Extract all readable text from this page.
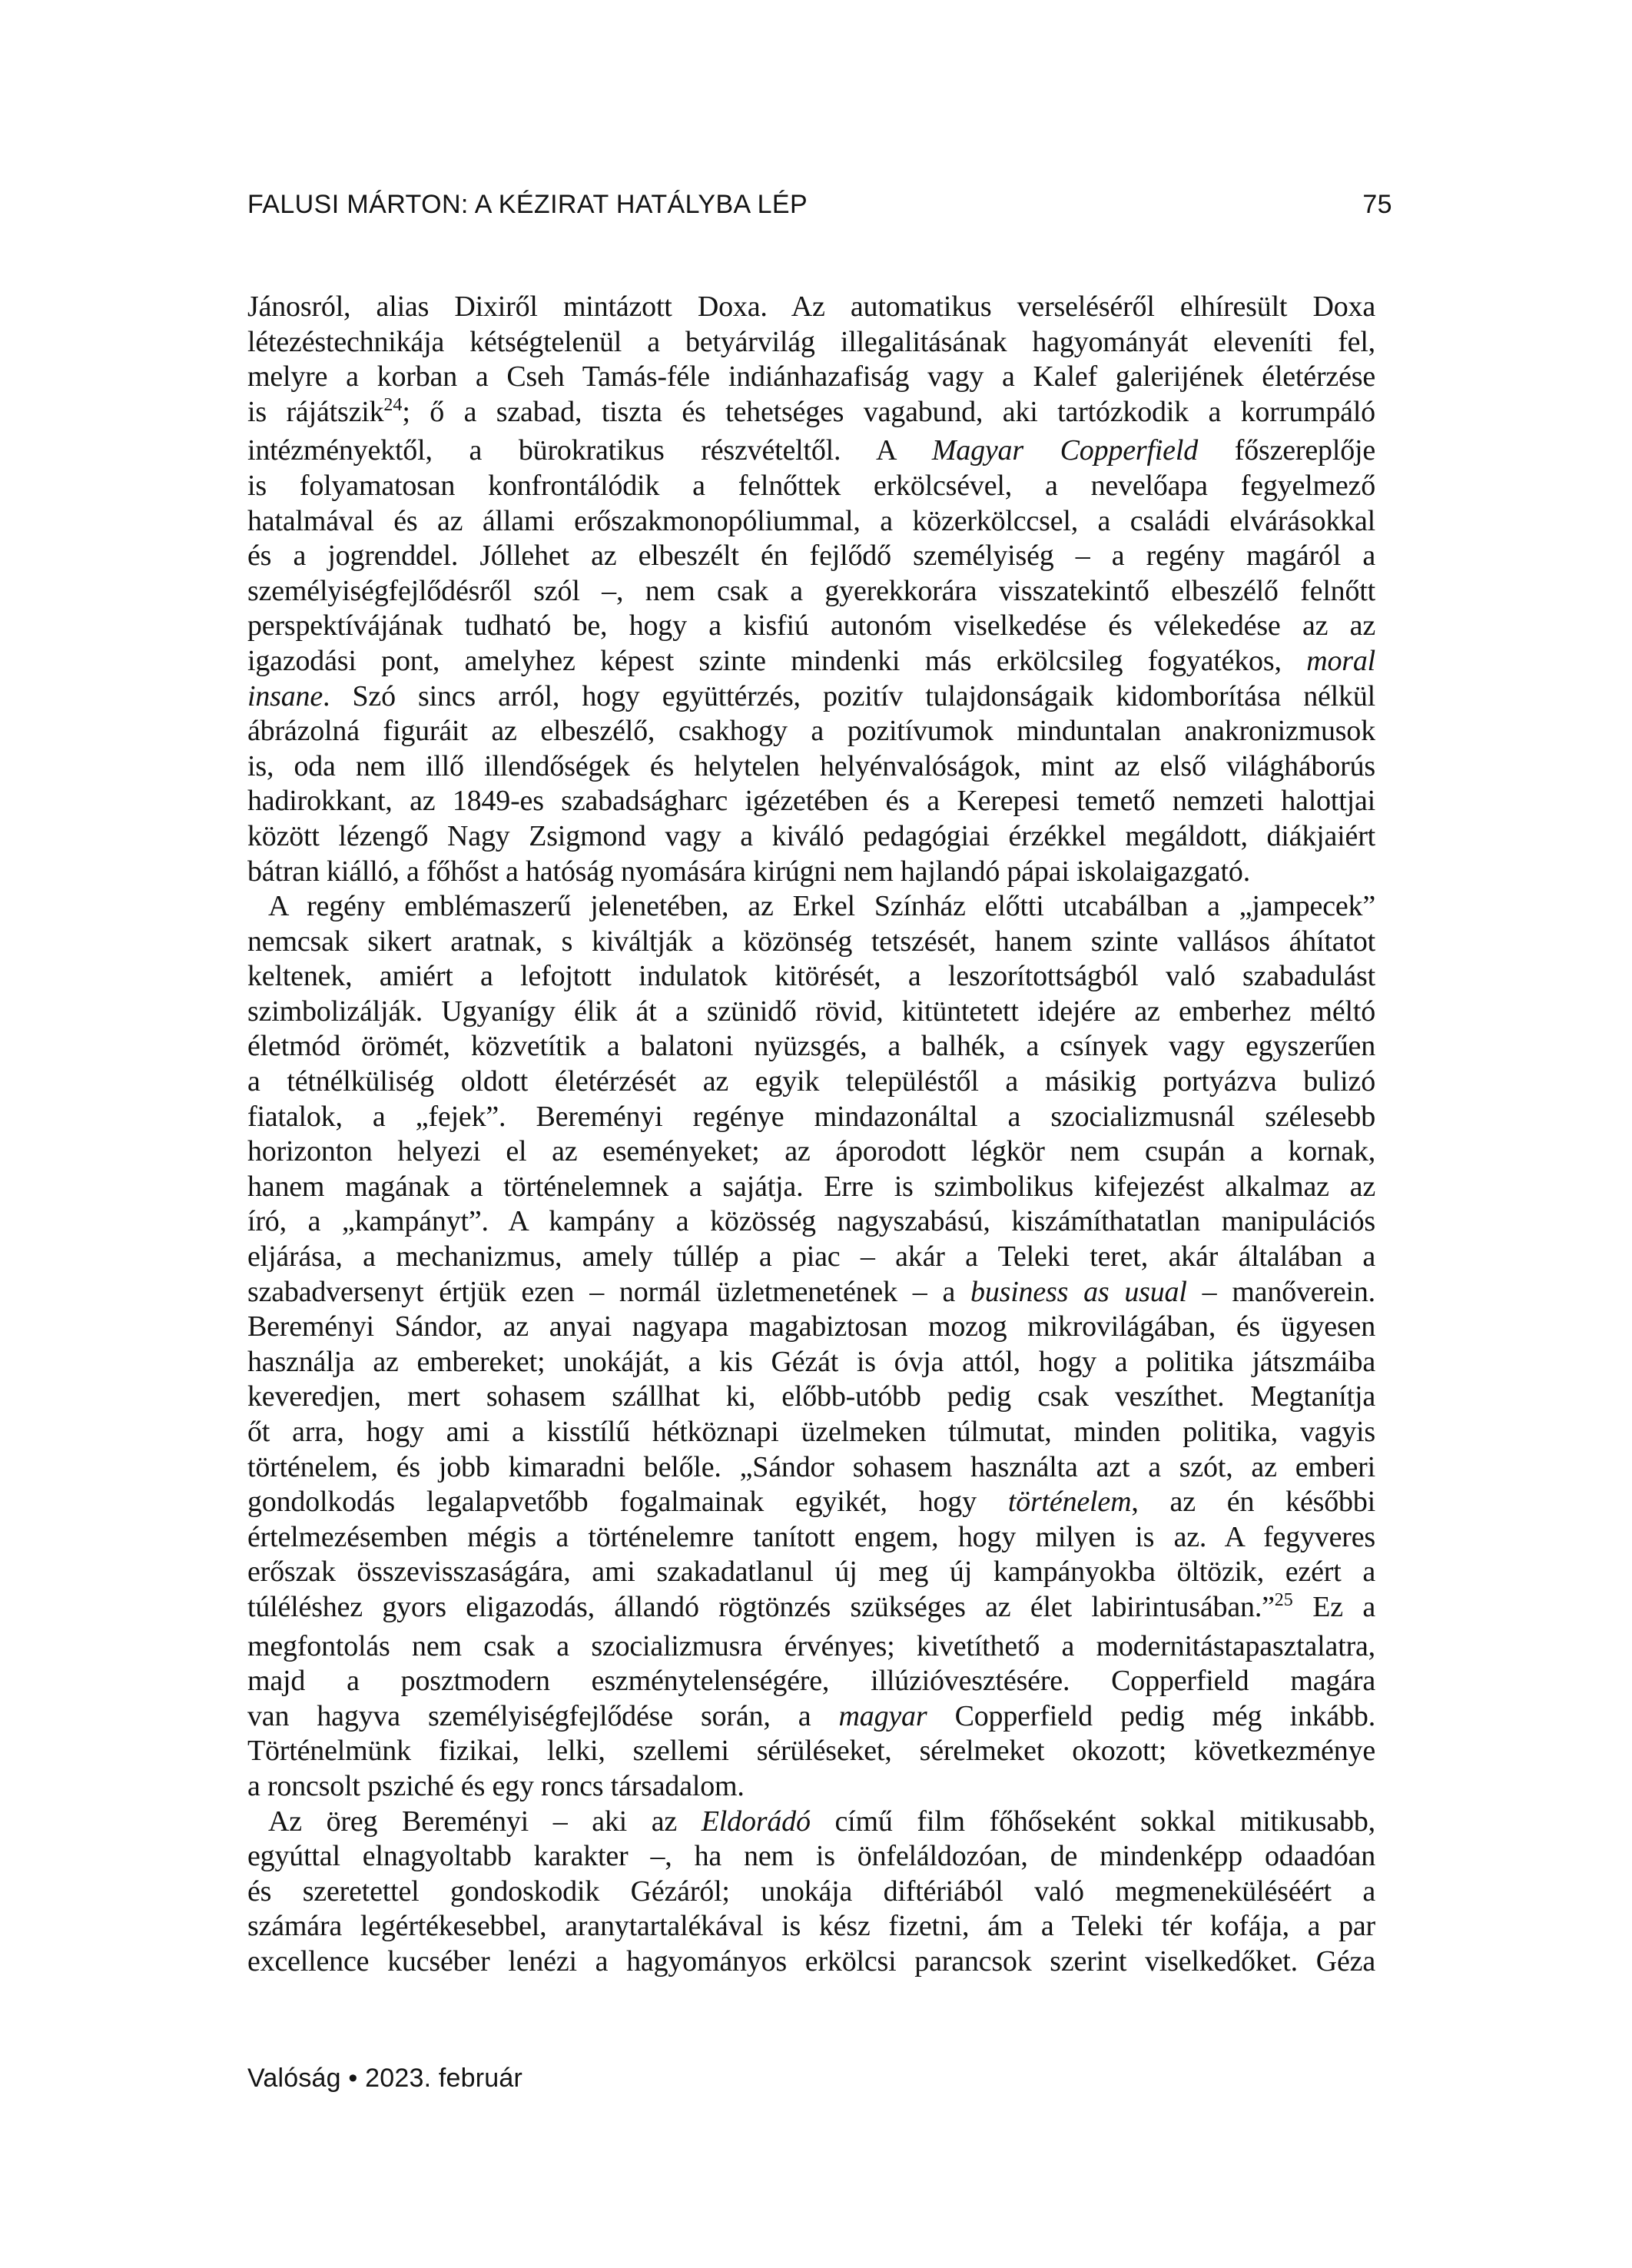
FALUSI MÁRTON: A KÉZIRAT HATÁLYBA LÉP	75
Jánosról, alias Dixiről mintázott Doxa. Az automatikus verseléséről elhíresült Doxa
létezéstechnikája kétségtelenül a betyárvilág illegalitásának hagyományát eleveníti fel,
melyre a korban a Cseh Tamás-féle indiánhazafiság vagy a Kalef galerijének életérzése
is rájátszik$^{24}$; ő a szabad, tiszta és tehetséges vagabund, aki tartózkodik a korrumpáló
intézményektől, a bürokratikus részvételtől. A Magyar Copperfield főszereplője
is folyamatosan konfrontálódik a felnőttek erkölcsével, a nevelőapa fegyelmező
hatalmával és az állami erőszakmonopóliummal, a közerkölccsel, a családi elvárásokkal
és a jogrenddel. Jóllehet az elbeszélt én fejlődő személyiség – a regény magáról a
személyiségfejlődésről szól –, nem csak a gyerekkorára visszatekintő elbeszélő felnőtt
perspektívájának tudható be, hogy a kisfiú autonóm viselkedése és vélekedése az az
igazodási pont, amelyhez képest szinte mindenki más erkölcsileg fogyatékos, moral
insane. Szó sincs arról, hogy együttérzés, pozitív tulajdonságaik kidomborítása nélkül
ábrázolná figuráit az elbeszélő, csakhogy a pozitívumok minduntalan anakronizmusok
is, oda nem illő illendőségek és helytelen helyénvalóságok, mint az első világháborús
hadirokkant, az 1849-es szabadságharc igézetében és a Kerepesi temető nemzeti halottjai
között lézengő Nagy Zsigmond vagy a kiváló pedagógiai érzékkel megáldott, diákjaiért
bátran kiálló, a főhőst a hatóság nyomására kirúgni nem hajlandó pápai iskolaigazgató.
A regény emblémaszerű jelenetében, az Erkel Színház előtti utcabálban a „jampecek”
nemcsak sikert aratnak, s kiváltják a közönség tetszését, hanem szinte vallásos áhítatot
keltenek, amiért a lefojtott indulatok kitörését, a leszorítottságból való szabadulást
szimbolizálják. Ugyanígy élik át a szünidő rövid, kitüntetett idejére az emberhez méltó
életmód örömét, közvetítik a balatoni nyüzsgés, a balhék, a csínyek vagy egyszerűen
a tétnélküliség oldott életérzését az egyik településtől a másikig portyázva bulizó
fiatalok, a „fejek”. Bereményi regénye mindazonáltal a szocializmusnál szélesebb
horizonton helyezi el az eseményeket; az áporodott légkör nem csupán a kornak,
hanem magának a történelemnek a sajátja. Erre is szimbolikus kifejezést alkalmaz az
író, a „kampányt”. A kampány a közösség nagyszabású, kiszámíthatatlan manipulációs
eljárása, a mechanizmus, amely túllép a piac – akár a Teleki teret, akár általában a
szabadversenyt értjük ezen – normál üzletmenetének – a business as usual – manőverein.
Bereményi Sándor, az anyai nagyapa magabiztosan mozog mikrovilágában, és ügyesen
használja az embereket; unokáját, a kis Gézát is óvja attól, hogy a politika játszmáiba
keveredjen, mert sohasem szállhat ki, előbb-utóbb pedig csak veszíthet. Megtanítja
őt arra, hogy ami a kisstílű hétköznapi üzelmeken túlmutat, minden politika, vagyis
történelem, és jobb kimaradni belőle. „Sándor sohasem használta azt a szót, az emberi
gondolkodás legalapvetőbb fogalmainak egyikét, hogy történelem, az én későbbi
értelmezésemben mégis a történelemre tanított engem, hogy milyen is az. A fegyveres
erőszak összevisszaságára, ami szakadatlanul új meg új kampányokba öltözik, ezért a
túléléshez gyors eligazodás, állandó rögtönzés szükséges az élet labirintusában.”$^{25}$ Ez a
megfontolás nem csak a szocializmusra érvényes; kivetíthető a modernitástapasztalatra,
majd a posztmodern eszménytelenségére, illúzióvesztésére. Copperfield magára
van hagyva személyiségfejlődése során, a magyar Copperfield pedig még inkább.
Történelmünk fizikai, lelki, szellemi sérüléseket, sérelmeket okozott; következménye
a roncsolt psziché és egy roncs társadalom.
Az öreg Bereményi – aki az Eldorádó című film főhőseként sokkal mitikusabb,
egyúttal elnagyoltabb karakter –, ha nem is önfeláldozóan, de mindenképp odaadóan
és szeretettel gondoskodik Gézáról; unokája diftériából való megmeneküléséért a
számára legértékesebbel, aranytartalékával is kész fizetni, ám a Teleki tér kofája, a par
excellence kucséber lenézi a hagyományos erkölcsi parancsok szerint viselkedőket. Géza
Valóság • 2023. február
